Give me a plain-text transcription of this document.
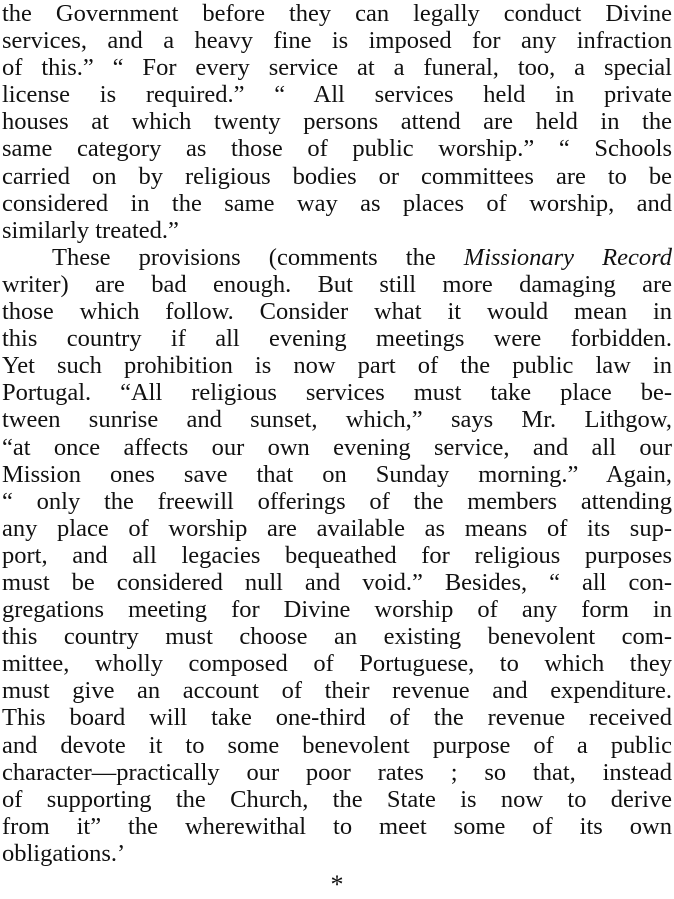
the Government before they can legally conduct Divine
services, and a heavy fine is imposed for any infraction
of this.” “ For every service at a funeral, too, a special
license is required.” “ All services held in private
houses at which twenty persons attend are held in the
same category as those of public worship.” “ Schools
carried on by religious bodies or committees are to be
considered in the same way as places of worship, and
similarly treated.”
These provisions (comments the Missionary Record
writer) are bad enough. But still more damaging are
those which follow. Consider what it would mean in
this country if all evening meetings were forbidden.
Yet such prohibition is now part of the public law in
Portugal. “All religious services must take place be-
tween sunrise and sunset, which,” says Mr. Lithgow,
“at once affects our own evening service, and all our
Mission ones save that on Sunday morning.” Again,
“ only the freewill offerings of the members attending
any place of worship are available as means of its sup-
port, and all legacies bequeathed for religious purposes
must be considered null and void.” Besides, “ all con-
gregations meeting for Divine worship of any form in
this country must choose an existing benevolent com-
mittee, wholly composed of Portuguese, to which they
must give an account of their revenue and expenditure.
This board will take one-third of the revenue received
and devote it to some benevolent purpose of a public
character—practically our poor rates ; so that, instead
of supporting the Church, the State is now to derive
from it” the wherewithal to meet some of its own
obligations.’
*
